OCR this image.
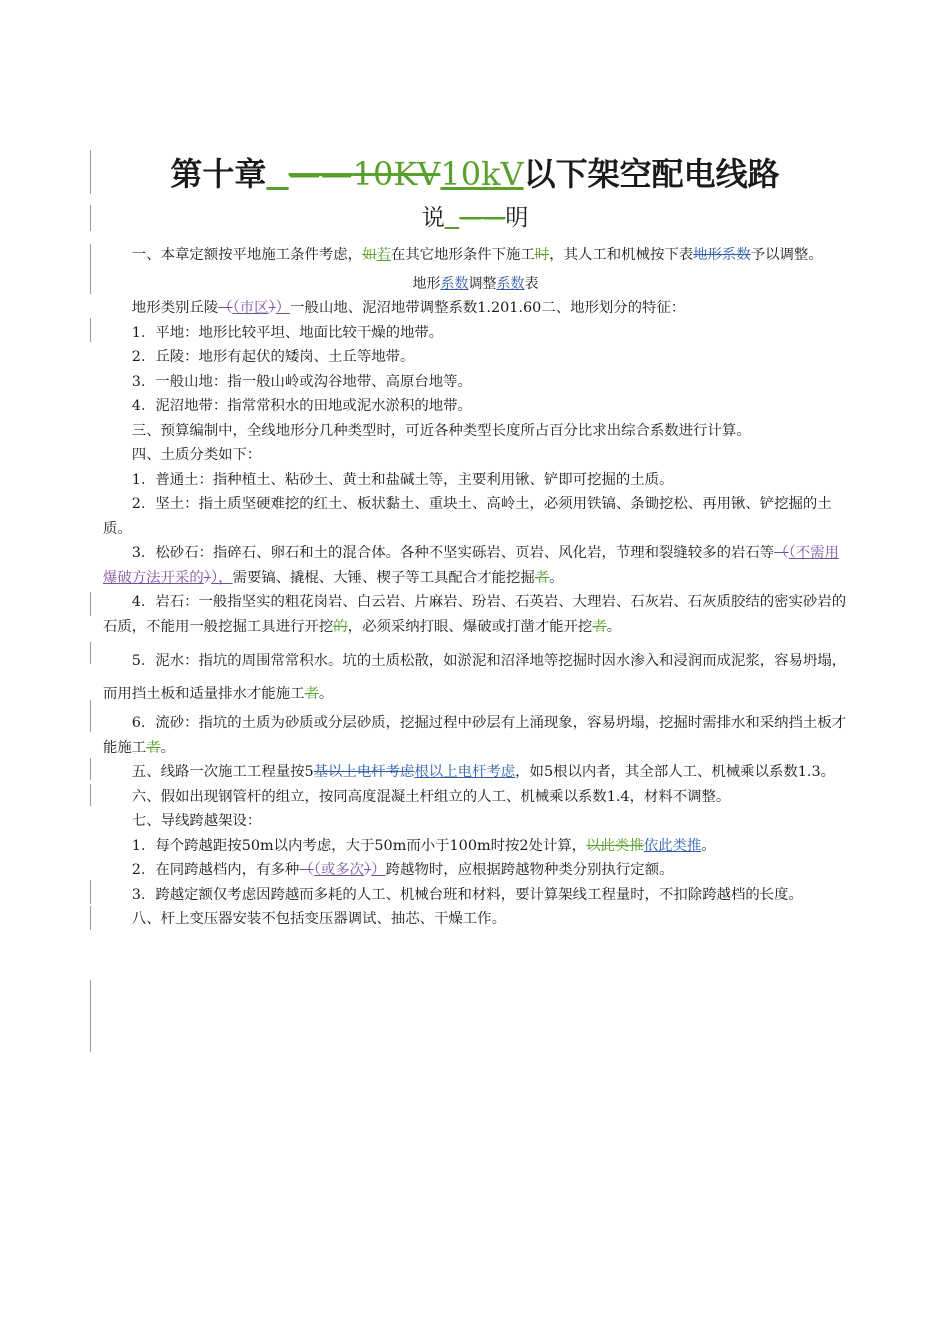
第十章 ——10KV10kV以下架空配电线路
说 ——明

一、本章定额按平地施工条件考虑，如若在其它地形条件下施工时，其人工和机械按下表地形系数予以调整。

地形系数调整系数表

地形类别丘陵（（市区））一般山地、泥沼地带调整系数1.201.60二、地形划分的特征：

1．平地：地形比较平坦、地面比较干燥的地带。

2．丘陵：地形有起伏的矮岗、土丘等地带。

3．一般山地：指一般山岭或沟谷地带、高原台地等。

4．泥沼地带：指常常积水的田地或泥水淤积的地带。

三、预算编制中，全线地形分几种类型时，可近各种类型长度所占百分比求出综合系数进行计算。

四、土质分类如下：

1．普通土：指种植土、粘砂土、黄土和盐碱土等，主要利用锹、铲即可挖掘的土质。

2．坚土：指土质坚硬难挖的红土、板状黏土、重块土、高岭土，必须用铁镐、条锄挖松、再用锹、铲挖掘的土质。

3．松砂石：指碎石、卵石和土的混合体。各种不坚实砾岩、页岩、风化岩，节理和裂缝较多的岩石等（（不需用爆破方法开采的）），需要镐、撬棍、大锤、楔子等工具配合才能挖掘者。

4．岩石：一般指坚实的粗花岗岩、白云岩、片麻岩、玢岩、石英岩、大理岩、石灰岩、石灰质胶结的密实砂岩的石质，不能用一般挖掘工具进行开挖的，必须采纳打眼、爆破或打凿才能开挖者。

5．泥水：指坑的周围常常积水。坑的土质松散，如淤泥和沼泽地等挖掘时因水渗入和浸润而成泥浆，容易坍塌，而用挡土板和适量排水才能施工者。

6．流砂：指坑的土质为砂质或分层砂质，挖掘过程中砂层有上涌现象，容易坍塌，挖掘时需排水和采纳挡土板才能施工者。

五、线路一次施工工程量按5基以上电杆考虑根以上电杆考虑，如5根以内者，其全部人工、机械乘以系数1.3。

六、假如出现钢管杆的组立，按同高度混凝土杆组立的人工、机械乘以系数1.4，材料不调整。

七、导线跨越架设：

1．每个跨越距按50m以内考虑，大于50m而小于100m时按2处计算，以此类推依此类推。

2．在同跨越档内，有多种（（或多次））跨越物时，应根据跨越物种类分别执行定额。

3．跨越定额仅考虑因跨越而多耗的人工、机械台班和材料，要计算架线工程量时，不扣除跨越档的长度。

八、杆上变压器安装不包括变压器调试、抽芯、干燥工作。
